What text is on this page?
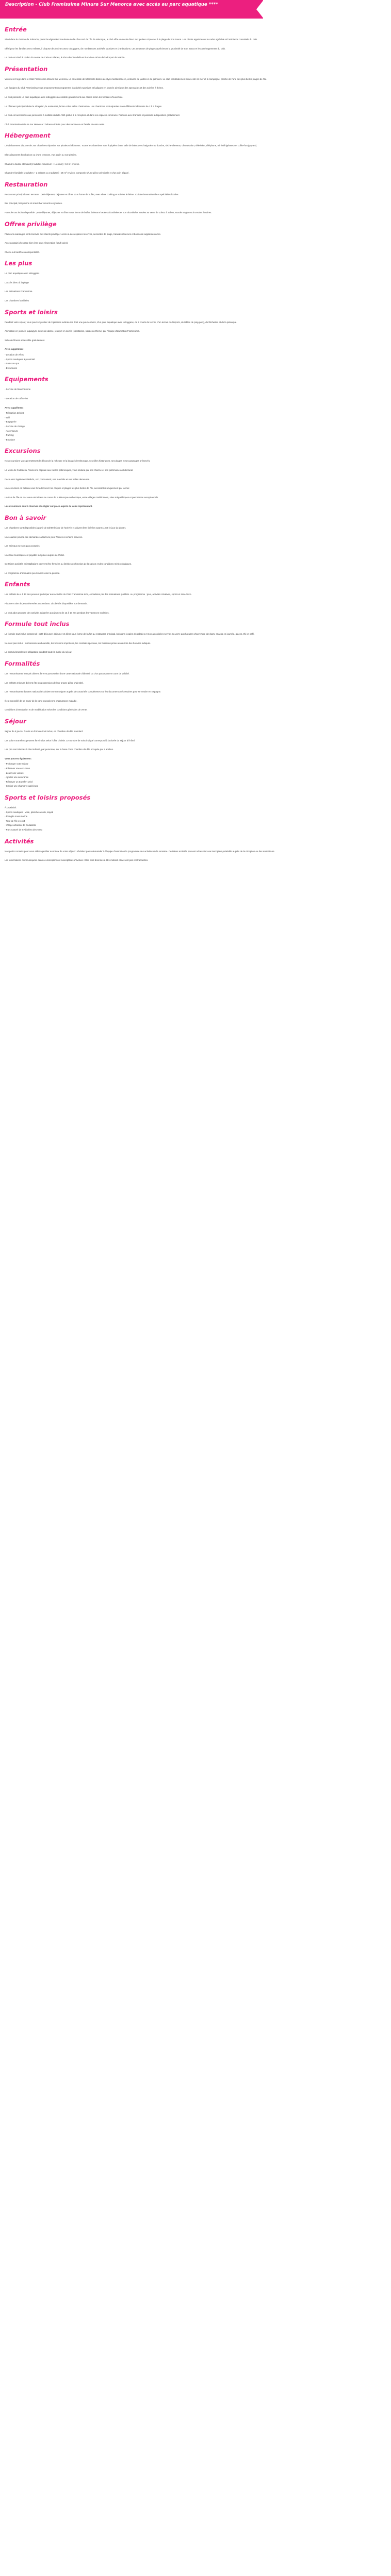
Description - Club Framissima Minura Sur Menorca avec accès au parc aquatique ****
Entrée

Situé dans le charme de Sobrecio, parmi la végétation luxuriante de la côte nord de l'île de Minorque, le club offre un accès direct aux petites criques et à la plage de Son Saura. Les clients apprécieront le cadre agréable et l'ambiance conviviale du club.

Idéal pour les familles avec enfants, il dispose de piscines avec toboggans, de nombreuses activités sportives et d'animations. Les amateurs de plage apprécieront la proximité de Son Saura et les aménagements du club.

Le club est situé à 1,5 km du centre de Cala en Blanes, à 5 km de Ciutadella et à environ 45 km de l'aéroport de Mahón.

Présentation

Vous serez logé dans le Club Framissima Minura Sur Menorca, un ensemble de bâtiments blancs de style méditerranéen, entourés de jardins et de palmiers. Le club est idéalement situé entre la mer et la campagne, proche de l'une des plus belles plages de l'île.

Les équipes du Club Framissima vous proposeront un programme d'activités sportives et ludiques en journée ainsi que des spectacles et des soirées à thème.

Le club possède un parc aquatique avec toboggans accessible gratuitement aux clients selon les horaires d'ouverture.

Le bâtiment principal abrite la réception, le restaurant, le bar et les salles d'animation. Les chambres sont réparties dans différents bâtiments de 2 à 3 étages.

Le club est accessible aux personnes à mobilité réduite. Wifi gratuit à la réception et dans les espaces communs. Piscines avec transats et parasols à disposition gratuitement.

Club Framissima Minura Sur Menorca : l'adresse idéale pour des vacances en famille et entre amis.

Hébergement

L'établissement dispose de 254 chambres réparties sur plusieurs bâtiments. Toutes les chambres sont équipées d'une salle de bains avec baignoire ou douche, sèche-cheveux, climatisation, télévision, téléphone, mini-réfrigérateur et coffre-fort (payant).

Elles disposent d'un balcon ou d'une terrasse, vue jardin ou vue piscine.

Chambre double standard (2 adultes maximum + 1 enfant) : 18 m² environ.

Chambre familiale (2 adultes + 2 enfants ou 3 adultes) : 25 m² environ, composée d'une pièce principale et d'un coin séparé.

Restauration

Restaurant principal avec terrasse : petit-déjeuner, déjeuner et dîner sous forme de buffet, avec show cooking et soirées à thème. Cuisine internationale et spécialités locales.

Bar principal, bar piscine et snack-bar ouverts en journée.

Formule tout inclus disponible : petit-déjeuner, déjeuner et dîner sous forme de buffet, boissons locales alcoolisées et non alcoolisées servies au verre de 10h00 à 23h00, snacks et glaces à certains horaires.

Offres privilège

Plusieurs avantages sont réservés aux clients privilège : accès à des espaces réservés, serviettes de plage, transats réservés et boissons supplémentaires.

Accès gratuit à l'espace bien-être sous réservation (sauf soins).

Check-out tardif selon disponibilité.

Les plus

Le parc aquatique avec toboggans

L'accès direct à la plage

Les animations Framissima

Les chambres familiales

Sports et loisirs

Pendant votre séjour, vous pourrez profiter de 3 piscines extérieures dont une pour enfants, d'un parc aquatique avec toboggans, de 2 courts de tennis, d'un terrain multisports, de tables de ping-pong, de fléchettes et de la pétanque.

Animation en journée (aquagym, cours de danse, jeux) et en soirée (spectacles, soirées à thème) par l'équipe d'animation Framissima.

Salle de fitness accessible gratuitement.

Avec supplément
- Location de vélos
- Sports nautiques à proximité
- Soins au spa
- Excursions
Equipements

- Service de blanchisserie

- Location de coffre-fort

Avec supplément
- Réception 24h/24
- Wifi
- Bagagerie
- Service de change
- Ascenseurs
- Parking
- Boutique
Excursions

Nos excursions vous permettront de découvrir la richesse et la beauté de Minorque, ses villes historiques, ses plages et ses paysages préservés.

La visite de Ciutadella, l'ancienne capitale aux ruelles pittoresques, vous séduira par son charme et son patrimoine architectural.

Découvrez également Mahón, son port naturel, ses marchés et ses belles demeures.

Une excursion en bateau vous fera découvrir les criques et plages les plus belles de l'île, accessibles uniquement par la mer.

Un tour de l'île en 4x4 vous emmènera au coeur de la Minorque authentique, entre villages traditionnels, sites mégalithiques et panoramas exceptionnels.

Les excursions sont à réserver et à régler sur place auprès de votre représentant.
Bon à savoir

Les chambres sont disponibles à partir de 15h00 le jour de l'arrivée et doivent être libérées avant 11h00 le jour du départ.

Une caution pourra être demandée à l'arrivée pour l'accès à certains services.

Les animaux ne sont pas acceptés.

Une taxe touristique est payable sur place auprès de l'hôtel.

Certaines activités et installations peuvent être fermées ou limitées en fonction de la saison et des conditions météorologiques.

Le programme d'animation peut varier selon la période.

Enfants

Les enfants de 4 à 12 ans peuvent participer aux activités du Club Framissima Kids, encadrées par des animateurs qualifiés. Au programme : jeux, activités créatives, sports et mini-disco.

Piscine et aire de jeux réservées aux enfants. Lits bébés disponibles sur demande.

Le club ados propose des activités adaptées aux jeunes de 13 à 17 ans pendant les vacances scolaires.

Formule tout inclus

La formule tout inclus comprend : petit-déjeuner, déjeuner et dîner sous forme de buffet au restaurant principal, boissons locales alcoolisées et non alcoolisées servies au verre aux horaires d'ouverture des bars, snacks en journée, glaces, thé et café.

Ne sont pas inclus : les boissons en bouteille, les boissons importées, les cocktails spéciaux, les boissons prises en dehors des horaires indiqués.

Le port du bracelet est obligatoire pendant toute la durée du séjour.

Formalités

Les ressortissants français doivent être en possession d'une carte nationale d'identité ou d'un passeport en cours de validité.

Les enfants mineurs doivent être en possession de leur propre pièce d'identité.

Les ressortissants d'autres nationalités doivent se renseigner auprès des autorités compétentes sur les documents nécessaires pour se rendre en Espagne.

Il est conseillé de se munir de la carte européenne d'assurance maladie.

Conditions d'annulation et de modification selon les conditions générales de vente.

Séjour

Séjour de 8 jours / 7 nuits en formule tout inclus, en chambre double standard.

Les vols et transferts peuvent être inclus selon l'offre choisie. Le nombre de nuits indiqué correspond à la durée du séjour à l'hôtel.

Les prix sont donnés à titre indicatif, par personne, sur la base d'une chambre double occupée par 2 adultes.

Vous pourrez également :
- Prolonger votre séjour
- Réserver une excursion
- Louer une voiture
- Ajouter une assurance
- Réserver un transfert privé
- Choisir une chambre supérieure
Sports et loisirs proposés
À proximité :
- Sports nautiques : voile, planche à voile, kayak
- Plongée sous-marine
- Tour de l'île en 4x4
- Village artisanal de Ciutadella
- Parc naturel de S'Albufera des Grau
Activités

Nos petits conseils pour vous aider à profiter au mieux de votre séjour : n'hésitez pas à demander à l'équipe d'animation le programme des activités de la semaine. Certaines activités peuvent nécessiter une inscription préalable auprès de la réception ou des animateurs.

Les informations communiquées dans ce descriptif sont susceptibles d'évoluer. Elles sont données à titre indicatif et ne sont pas contractuelles.
